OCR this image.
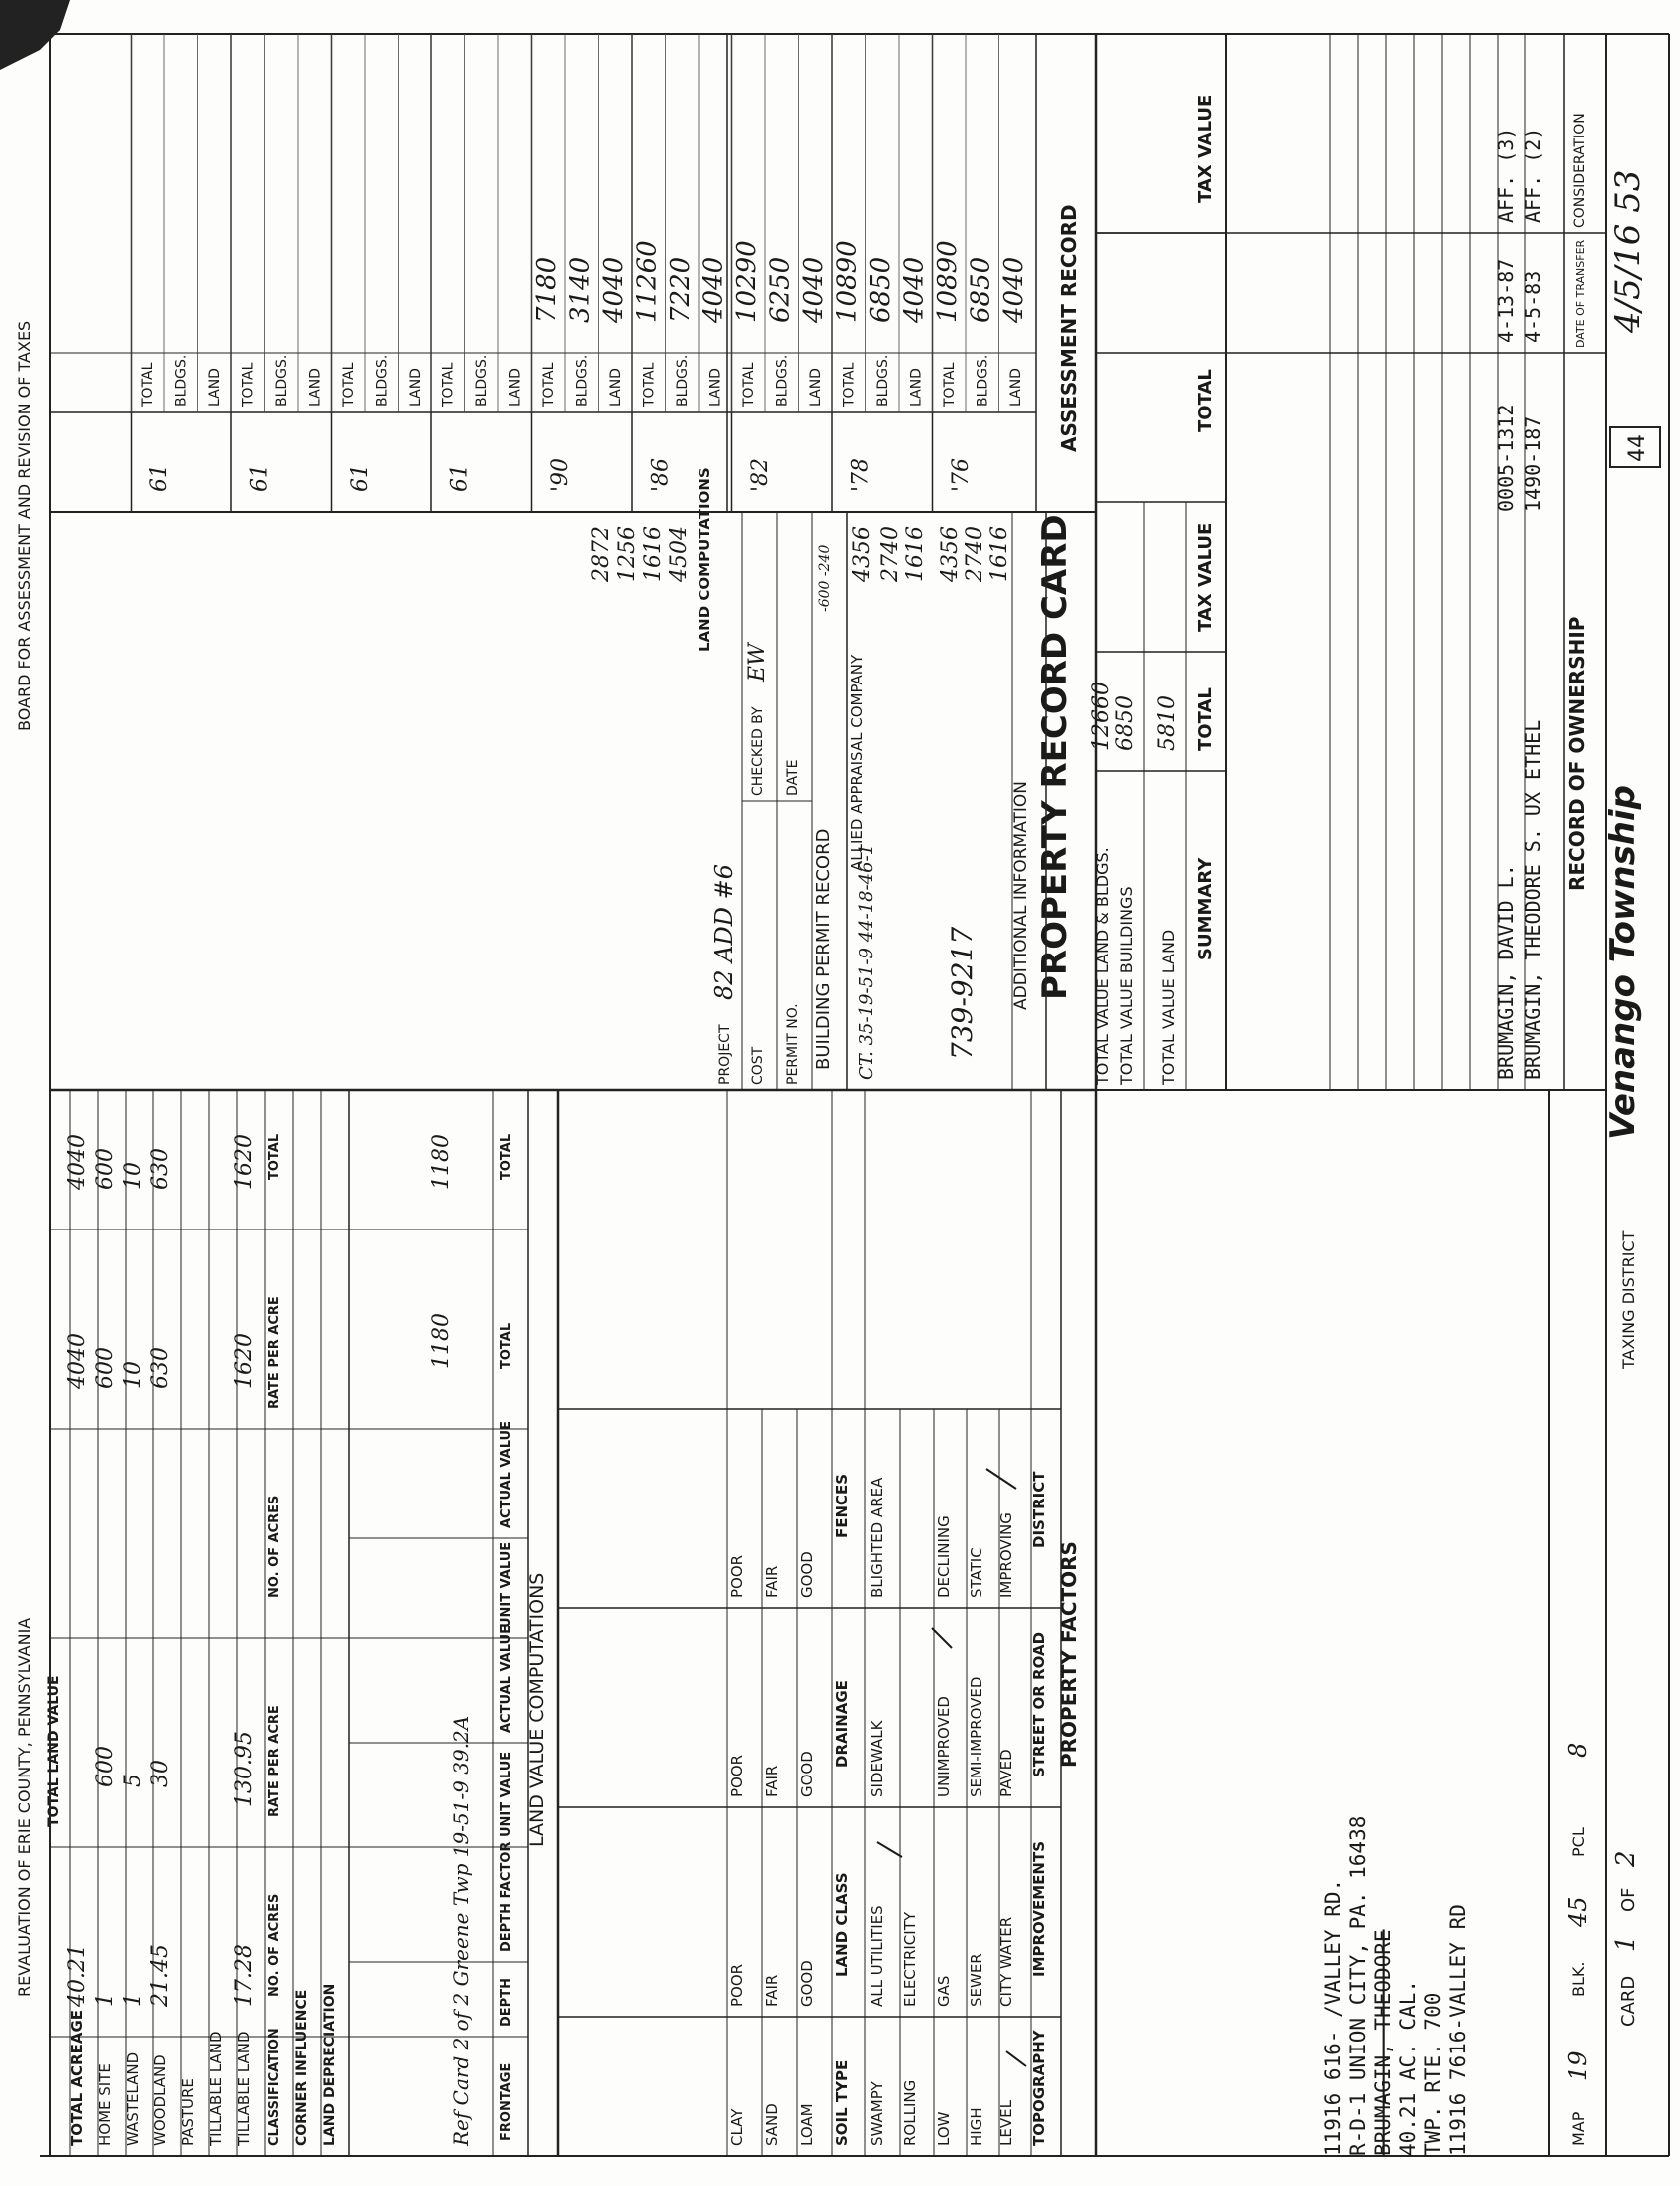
CARD
1
OF
2
TAXING DISTRICT
Venango Township
44
4/5/16 53
MAP
19
BLK.
45
PCL
8
11916 7616-VALLEY RD
TWP. RTE. 700
40.21 AC. CAL.
BRUMAGIN, THEODORE
R-D-1 UNION CITY, PA. 16438
11916 616- /VALLEY RD.
RECORD OF OWNERSHIP
DATE OF TRANSFER
CONSIDERATION
BRUMAGIN, THEODORE S. UX ETHEL
1490-187
4-5-83
AFF. (2)
BRUMAGIN, DAVID L.
0005-1312
4-13-87
AFF. (3)
SUMMARY
TOTAL
TAX VALUE
TOTAL VALUE LAND
TOTAL VALUE BUILDINGS
TOTAL VALUE LAND & BLDGS.
5810
6850
12660
TOTAL
TAX VALUE
PROPERTY FACTORS
TOPOGRAPHY
IMPROVEMENTS
STREET OR ROAD
DISTRICT
LEVEL
HIGH
LOW
ROLLING
SWAMPY
CITY WATER
SEWER
GAS
ELECTRICITY
ALL UTILITIES
PAVED
SEMI-IMPROVED
UNIMPROVED
SIDEWALK
IMPROVING
STATIC
DECLINING
BLIGHTED AREA
SOIL TYPE
LAND CLASS
DRAINAGE
FENCES
LOAM
SAND
CLAY
GOOD
FAIR
POOR
GOOD
FAIR
POOR
GOOD
FAIR
POOR
PROPERTY RECORD CARD
ADDITIONAL INFORMATION
739-9217
CT. 35-19-51-9 44-18-46-1
ALLIED APPRAISAL COMPANY
BUILDING PERMIT RECORD
-600 -240
PERMIT NO.
DATE
COST
CHECKED BY
EW
PROJECT
82 ADD #6
1616
2740
4356
1616
2740
4356
LAND COMPUTATIONS
4504
1616
1256
2872
ASSESSMENT RECORD
LAND VALUE COMPUTATIONS
FRONTAGE
DEPTH
DEPTH FACTOR
UNIT VALUE
ACTUAL VALUE
UNIT VALUE
ACTUAL VALUE
TOTAL
TOTAL
Ref Card 2 of 2 Greene Twp 19-51-9 39.2A
1180
1180
LAND DEPRECIATION
CORNER INFLUENCE
CLASSIFICATION
NO. OF ACRES
RATE PER ACRE
NO. OF ACRES
RATE PER ACRE
TOTAL
TILLABLE LAND
TILLABLE LAND
PASTURE
WOODLAND
WASTELAND
HOME SITE
TOTAL ACREAGE
17.28
130.95
1620
1620
21.45
30
630
630
1
5
10
10
1
600
600
600
40.21
4040
4040
TOTAL LAND VALUE
REVALUATION OF ERIE COUNTY, PENNSYLVANIA
BOARD FOR ASSESSMENT AND REVISION OF TAXES	'76
LAND
4040
BLDGS.
6850
TOTAL
10890
'78
LAND
4040
BLDGS.
6850
TOTAL
10890
'82
LAND
4040
BLDGS.
6250
TOTAL
10290
'86
LAND
4040
BLDGS.
7220
TOTAL
11260
'90
LAND
4040
BLDGS.
3140
TOTAL
7180
61
LAND
BLDGS.
TOTAL
61
LAND
BLDGS.
TOTAL
61
LAND
BLDGS.
TOTAL
61
LAND
BLDGS.
TOTAL
